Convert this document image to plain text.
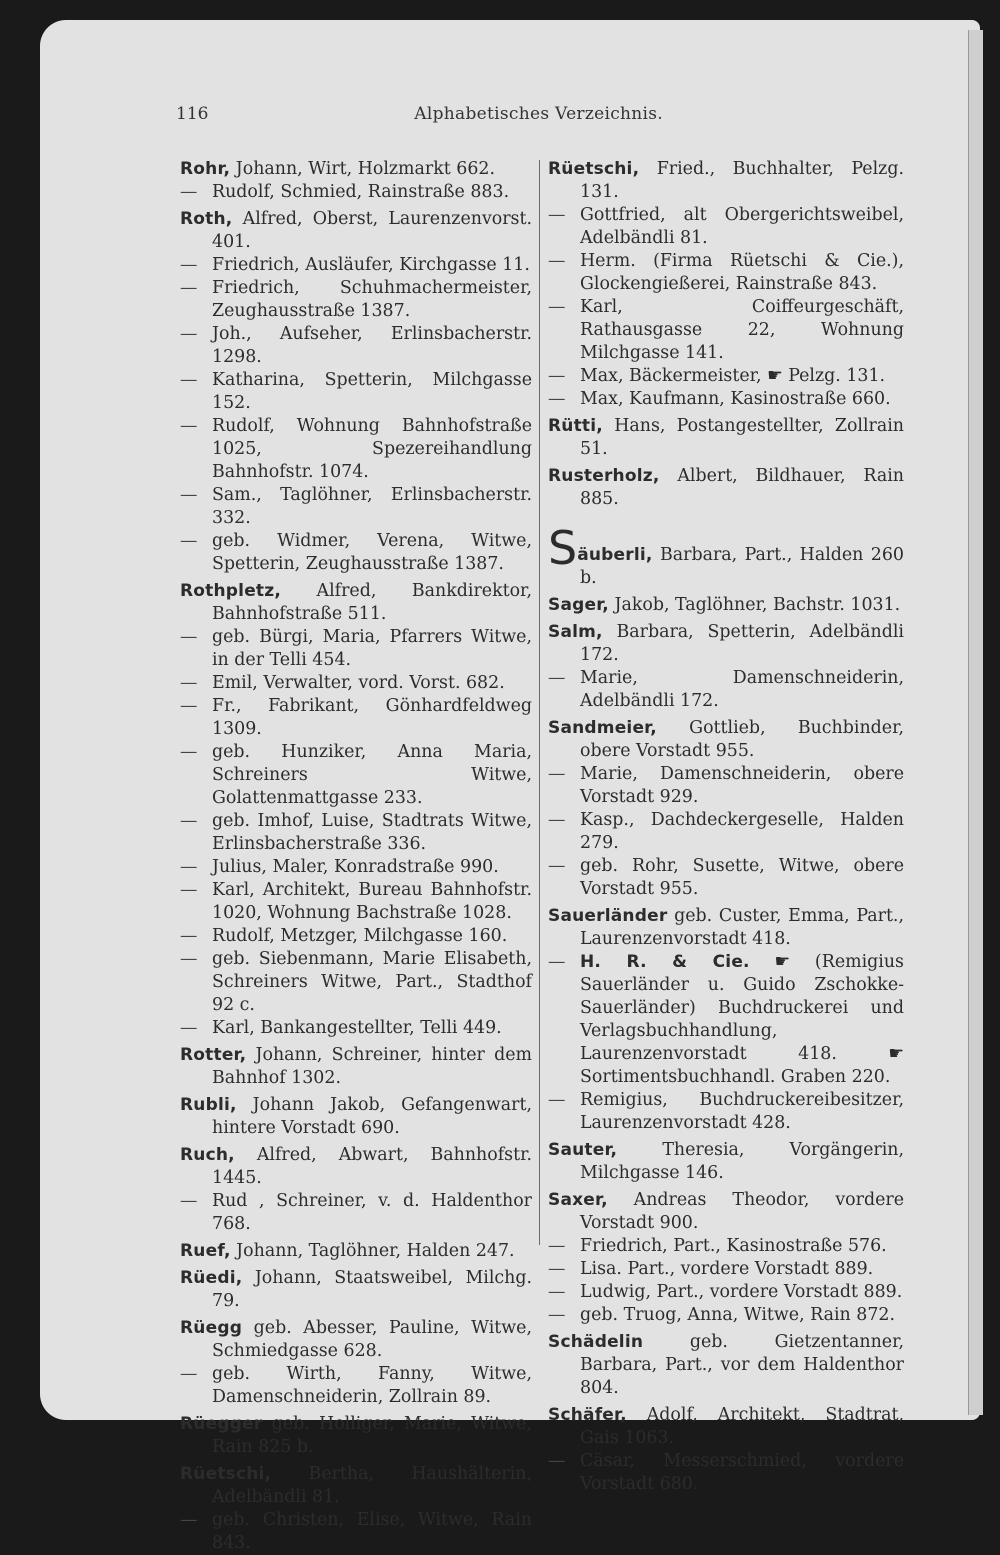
116	Alphabetisches Verzeichnis.
Rohr, Johann, Wirt, Holzmarkt 662.
— Rudolf, Schmied, Rainstraße 883.
Roth, Alfred, Oberst, Laurenzenvorst. 401.
— Friedrich, Ausläufer, Kirchgasse 11.
— Friedrich, Schuhmachermeister, Zeughausstraße 1387.
— Joh., Aufseher, Erlinsbacherstr. 1298.
— Katharina, Spetterin, Milchgasse 152.
— Rudolf, Wohnung Bahnhofstraße 1025, Spezereihandlung Bahnhofstr. 1074.
— Sam., Taglöhner, Erlinsbacherstr. 332.
— geb. Widmer, Verena, Witwe, Spetterin, Zeughausstraße 1387.
Rothpletz, Alfred, Bankdirektor, Bahnhofstraße 511.
— geb. Bürgi, Maria, Pfarrers Witwe, in der Telli 454.
— Emil, Verwalter, vord. Vorst. 682.
— Fr., Fabrikant, Gönhardfeldweg 1309.
— geb. Hunziker, Anna Maria, Schreiners Witwe, Golattenmattgasse 233.
— geb. Imhof, Luise, Stadtrats Witwe, Erlinsbacherstraße 336.
— Julius, Maler, Konradstraße 990.
— Karl, Architekt, Bureau Bahnhofstr. 1020, Wohnung Bachstraße 1028.
— Rudolf, Metzger, Milchgasse 160.
— geb. Siebenmann, Marie Elisabeth, Schreiners Witwe, Part., Stadthof 92 c.
— Karl, Bankangestellter, Telli 449.
Rotter, Johann, Schreiner, hinter dem Bahnhof 1302.
Rubli, Johann Jakob, Gefangenwart, hintere Vorstadt 690.
Ruch, Alfred, Abwart, Bahnhofstr. 1445.
— Rud , Schreiner, v. d. Haldenthor 768.
Ruef, Johann, Taglöhner, Halden 247.
Rüedi, Johann, Staatsweibel, Milchg. 79.
Rüegg geb. Abesser, Pauline, Witwe, Schmiedgasse 628.
— geb. Wirth, Fanny, Witwe, Damenschneiderin, Zollrain 89.
Rüegger geb. Holliger, Marie, Witwe, Rain 825 b.
Rüetschi, Bertha, Haushälterin, Adelbändli 81.
— geb. Christen, Elise, Witwe, Rain 843.
Rüetschi, Fried., Buchhalter, Pelzg. 131.
— Gottfried, alt Obergerichtsweibel, Adelbändli 81.
— Herm. (Firma Rüetschi & Cie.), Glockengießerei, Rainstraße 843.
— Karl, Coiffeurgeschäft, Rathausgasse 22, Wohnung Milchgasse 141.
— Max, Bäckermeister, ☛ Pelzg. 131.
— Max, Kaufmann, Kasinostraße 660.
Rütti, Hans, Postangestellter, Zollrain 51.
Rusterholz, Albert, Bildhauer, Rain 885.
Säuberli, Barbara, Part., Halden 260 b.
Sager, Jakob, Taglöhner, Bachstr. 1031.
Salm, Barbara, Spetterin, Adelbändli 172.
— Marie, Damenschneiderin, Adelbändli 172.
Sandmeier, Gottlieb, Buchbinder, obere Vorstadt 955.
— Marie, Damenschneiderin, obere Vorstadt 929.
— Kasp., Dachdeckergeselle, Halden 279.
— geb. Rohr, Susette, Witwe, obere Vorstadt 955.
Sauerländer geb. Custer, Emma, Part., Laurenzenvorstadt 418.
— H. R. & Cie. ☛ (Remigius Sauerländer u. Guido Zschokke-Sauerländer) Buchdruckerei und Verlagsbuchhandlung, Laurenzenvorstadt 418. ☛ Sortimentsbuchhandl. Graben 220.
— Remigius, Buchdruckereibesitzer, Laurenzenvorstadt 428.
Sauter, Theresia, Vorgängerin, Milchgasse 146.
Saxer, Andreas Theodor, vordere Vorstadt 900.
— Friedrich, Part., Kasinostraße 576.
— Lisa. Part., vordere Vorstadt 889.
— Ludwig, Part., vordere Vorstadt 889.
— geb. Truog, Anna, Witwe, Rain 872.
Schädelin geb. Gietzentanner, Barbara, Part., vor dem Haldenthor 804.
Schäfer, Adolf, Architekt, Stadtrat, Gais 1063.
— Cäsar, Messerschmied, vordere Vorstadt 680.
